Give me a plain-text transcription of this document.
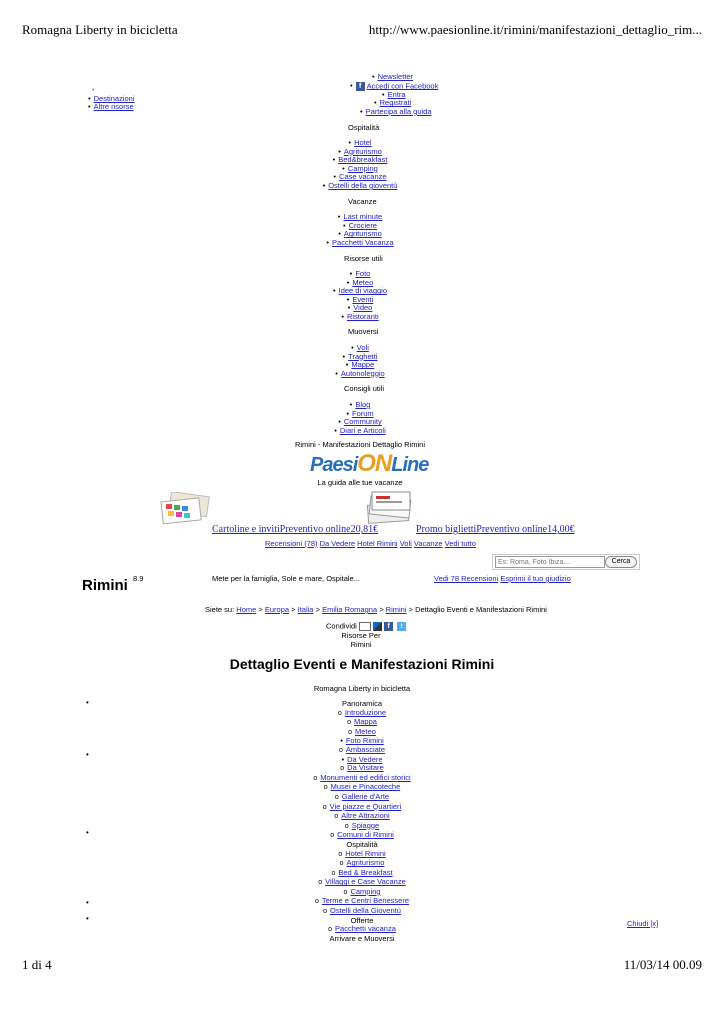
Romagna Liberty in bicicletta	http://www.paesionline.it/rimini/manifestazioni_dettaglio_rim...
•
• Destinazioni
• Altre risorse
• Newsletter
• f Accedi con Facebook
• Entra
• Registrati
• Partecipa alla guida
Ospitalità
• Hotel
• Agriturismo
• Bed&breakfast
• Camping
• Case vacanze
• Ostelli della gioventù
Vacanze
• Last minute
• Crociere
• Agriturismo
• Pacchetti Vacanza
Risorse utili
• Foto
• Meteo
• Idee di viaggio
• Eventi
• Video
• Ristoranti
Muoversi
• Voli
• Traghetti
• Mappe
• Autonoleggio
Consigli utili
• Blog
• Forum
• Community
• Diari e Articoli
Rimini - Manifestazioni Dettaglio Rimini
PaesiONLine
La guida alle tue vacanze
Cartoline e invitiPreventivo online20,81€	Promo bigliettiPreventivo online14,00€
Recensioni (78) Da Vedere Hotel Rimini Voli Vacanze Vedi tutto
Es: Roma, Foto Ibiza...
Cerca
Rimini 8.9	Mete per la famiglia, Sole e mare, Ospitale...	Vedi 78 Recensioni Esprimi il tuo giudizio
Siete su: Home > Europa > Italia > Emilia Romagna > Rimini > Dettaglio Eventi e Manifestazioni Rimini
Condividi	f t
Risorse Per
Rimini
Dettaglio Eventi e Manifestazioni Rimini
Romagna Liberty in bicicletta
•
•
•
•
•
Panoramica
o Introduzione
o Mappa
o Meteo
• Foto Rimini
o Ambasciate
• Da Vedere
o Da Visitare
o Monumenti ed edifici storici
o Musei e Pinacoteche
o Gallerie d'Arte
o Vie piazze e Quartieri
o Altre Attrazioni
o Spiagge
o Comuni di Rimini
Ospitalità
o Hotel Rimini
o Agriturismo
o Bed & Breakfast
o Villaggi e Case Vacanze
o Camping
o Terme e Centri Benessere
o Ostelli della Gioventù
Offerte
o Pacchetti vacanza
Arrivare e Muoversi
Chiudi [x]
1 di 4	11/03/14 00.09
